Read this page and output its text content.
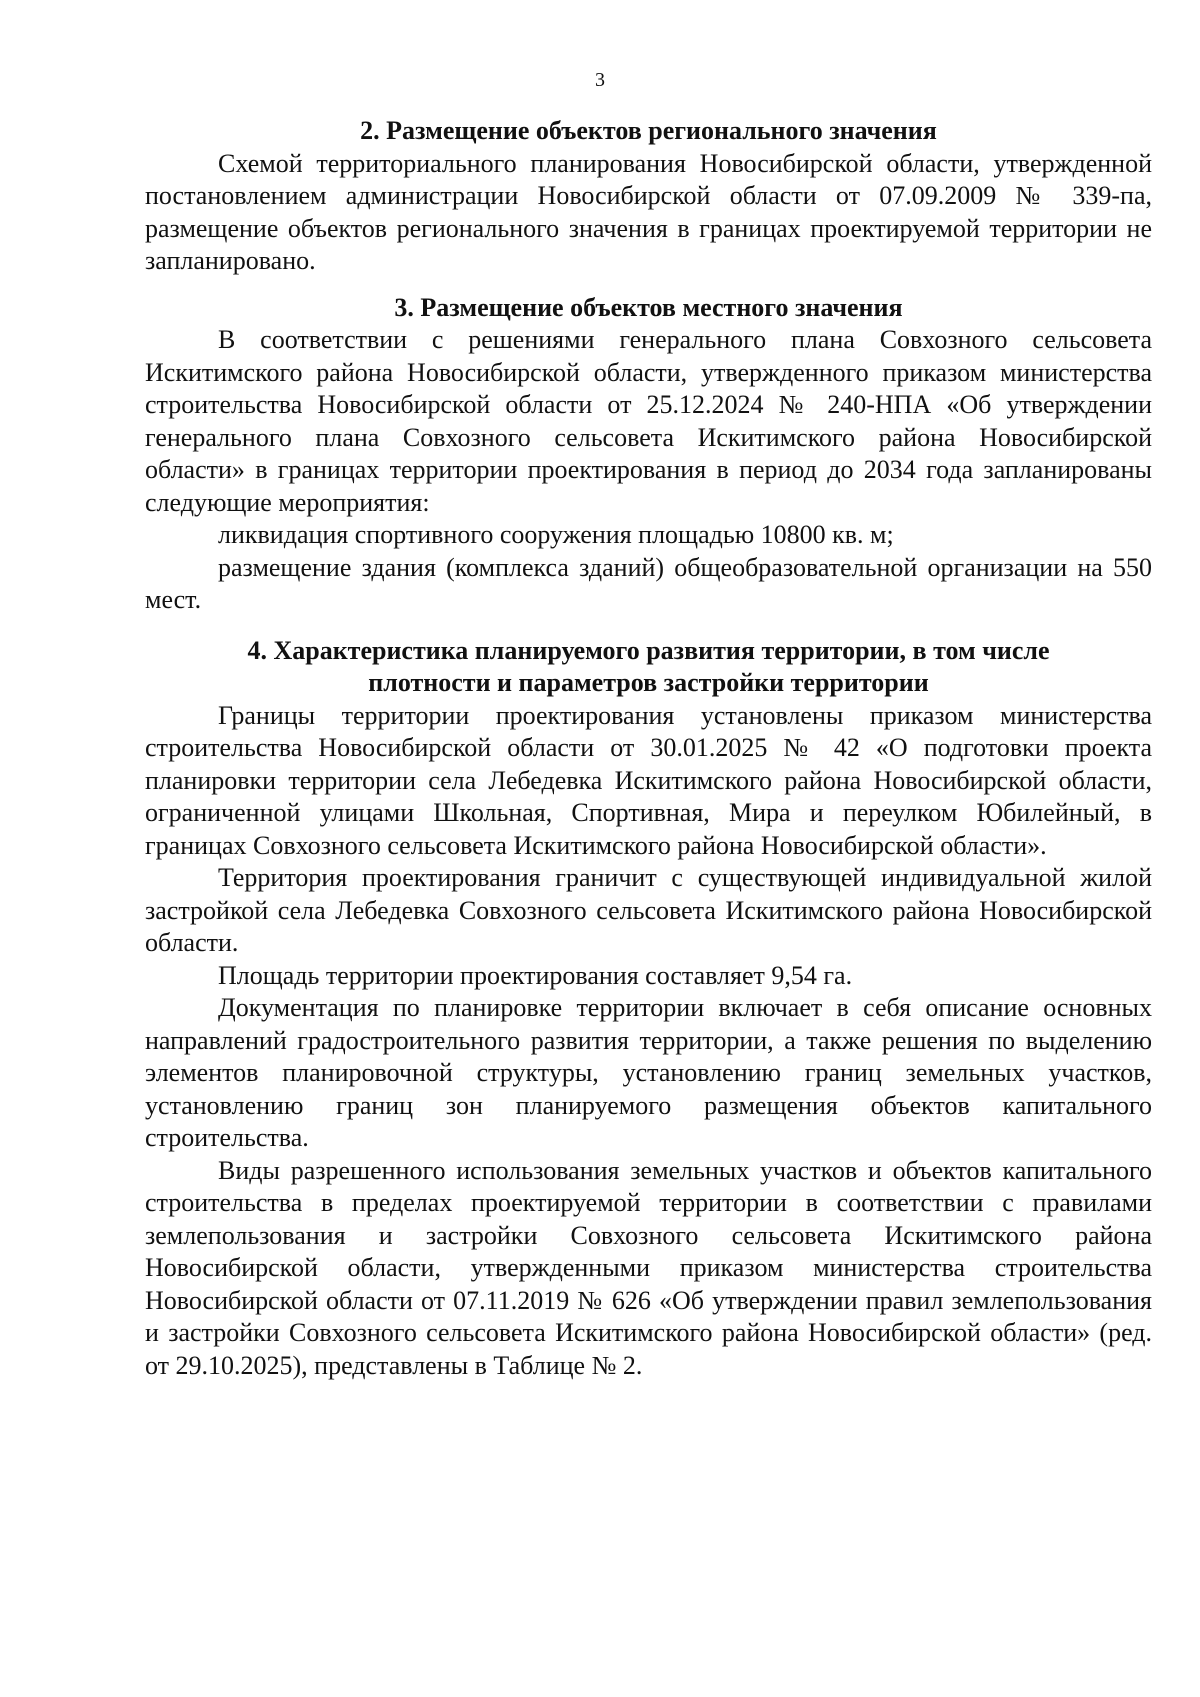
3

2. Размещение объектов регионального значения

Схемой территориального планирования Новосибирской области, утвержденной постановлением администрации Новосибирской области от 07.09.2009 № 339-па, размещение объектов регионального значения в границах проектируемой территории не запланировано.

3. Размещение объектов местного значения

В соответствии с решениями генерального плана Совхозного сельсовета Искитимского района Новосибирской области, утвержденного приказом министерства строительства Новосибирской области от 25.12.2024 № 240-НПА «Об утверждении генерального плана Совхозного сельсовета Искитимского района Новосибирской области» в границах территории проектирования в период до 2034 года запланированы следующие мероприятия:

ликвидация спортивного сооружения площадью 10800 кв. м;

размещение здания (комплекса зданий) общеобразовательной организации на 550 мест.

4. Характеристика планируемого развития территории, в том числе
плотности и параметров застройки территории

Границы территории проектирования установлены приказом министерства строительства Новосибирской области от 30.01.2025 № 42 «О подготовки проекта планировки территории села Лебедевка Искитимского района Новосибирской области, ограниченной улицами Школьная, Спортивная, Мира и переулком Юбилейный, в границах Совхозного сельсовета Искитимского района Новосибирской области».

Территория проектирования граничит с существующей индивидуальной жилой застройкой села Лебедевка Совхозного сельсовета Искитимского района Новосибирской области.

Площадь территории проектирования составляет 9,54 га.

Документация по планировке территории включает в себя описание основных направлений градостроительного развития территории, а также решения по выделению элементов планировочной структуры, установлению границ земельных участков, установлению границ зон планируемого размещения объектов капитального строительства.

Виды разрешенного использования земельных участков и объектов капитального строительства в пределах проектируемой территории в соответствии с правилами землепользования и застройки Совхозного сельсовета Искитимского района Новосибирской области, утвержденными приказом министерства строительства Новосибирской области от 07.11.2019 № 626 «Об утверждении правил землепользования и застройки Совхозного сельсовета Искитимского района Новосибирской области» (ред. от 29.10.2025), представлены в Таблице № 2.
